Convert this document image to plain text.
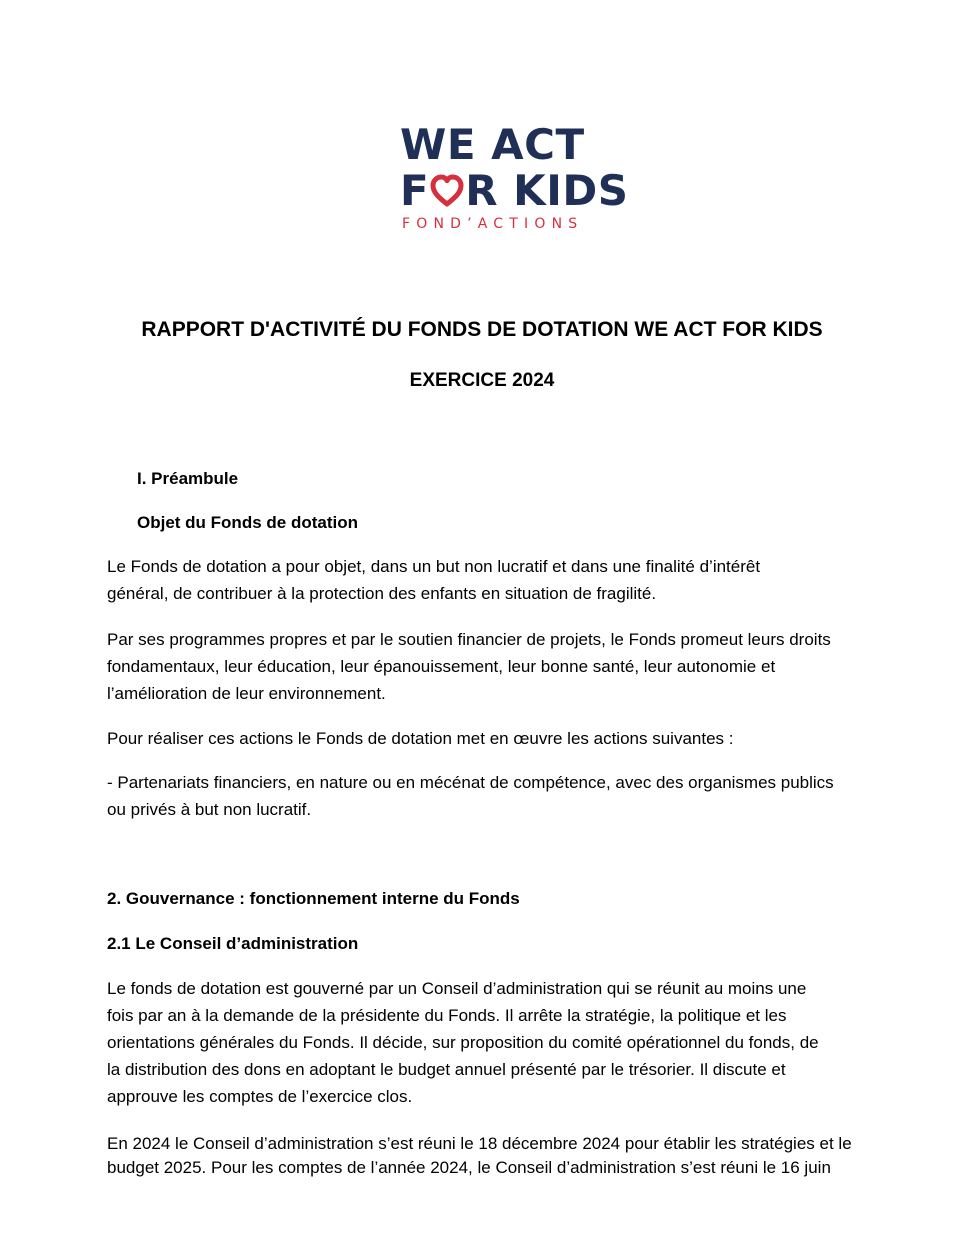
WE ACT
F R KIDS
FOND’ACTIONS
RAPPORT D'ACTIVITÉ DU FONDS DE DOTATION WE ACT FOR KIDS
EXERCICE 2024
I. Préambule
Objet du Fonds de dotation
Le Fonds de dotation a pour objet, dans un but non lucratif et dans une finalité d’intérêt
général, de contribuer à la protection des enfants en situation de fragilité.
Par ses programmes propres et par le soutien financier de projets, le Fonds promeut leurs droits
fondamentaux, leur éducation, leur épanouissement, leur bonne santé, leur autonomie et
l’amélioration de leur environnement.
Pour réaliser ces actions le Fonds de dotation met en œuvre les actions suivantes :
- Partenariats financiers, en nature ou en mécénat de compétence, avec des organismes publics
ou privés à but non lucratif.
2. Gouvernance : fonctionnement interne du Fonds
2.1 Le Conseil d’administration
Le fonds de dotation est gouverné par un Conseil d’administration qui se réunit au moins une
fois par an à la demande de la présidente du Fonds. Il arrête la stratégie, la politique et les
orientations générales du Fonds. Il décide, sur proposition du comité opérationnel du fonds, de
la distribution des dons en adoptant le budget annuel présenté par le trésorier. Il discute et
approuve les comptes de l’exercice clos.
En 2024 le Conseil d’administration s’est réuni le 18 décembre 2024 pour établir les stratégies et le
budget 2025. Pour les comptes de l’année 2024, le Conseil d’administration s’est réuni le 16 juin
